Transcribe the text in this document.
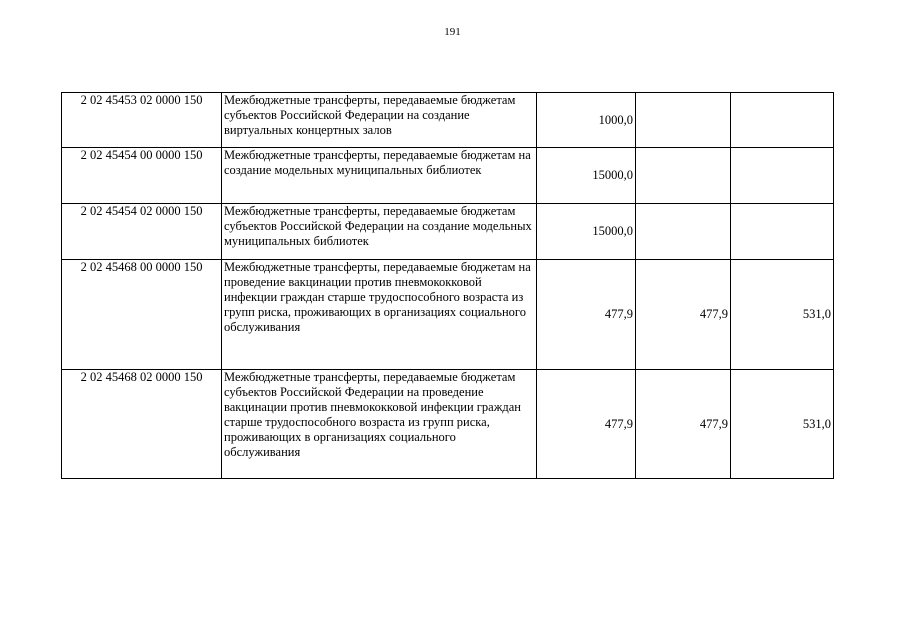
191
2 02 45453 02 0000 150	Межбюджетные трансферты, передаваемые бюджетам субъектов Российской Федерации на создание виртуальных концертных залов	1000,0		
2 02 45454 00 0000 150	Межбюджетные трансферты, передаваемые бюджетам на создание модельных муниципальных библиотек	15000,0		
2 02 45454 02 0000 150	Межбюджетные трансферты, передаваемые бюджетам субъектов Российской Федерации на создание модельных муниципальных библиотек	15000,0		
2 02 45468 00 0000 150	Межбюджетные трансферты, передаваемые бюджетам на проведение вакцинации против пневмококковой инфекции граждан старше трудоспособного возраста из групп риска, проживающих в организациях социального обслуживания	477,9	477,9	531,0
2 02 45468 02 0000 150	Межбюджетные трансферты, передаваемые бюджетам субъектов Российской Федерации на проведение вакцинации против пневмококковой инфекции граждан старше трудоспособного возраста из групп риска, проживающих в организациях социального обслуживания	477,9	477,9	531,0
